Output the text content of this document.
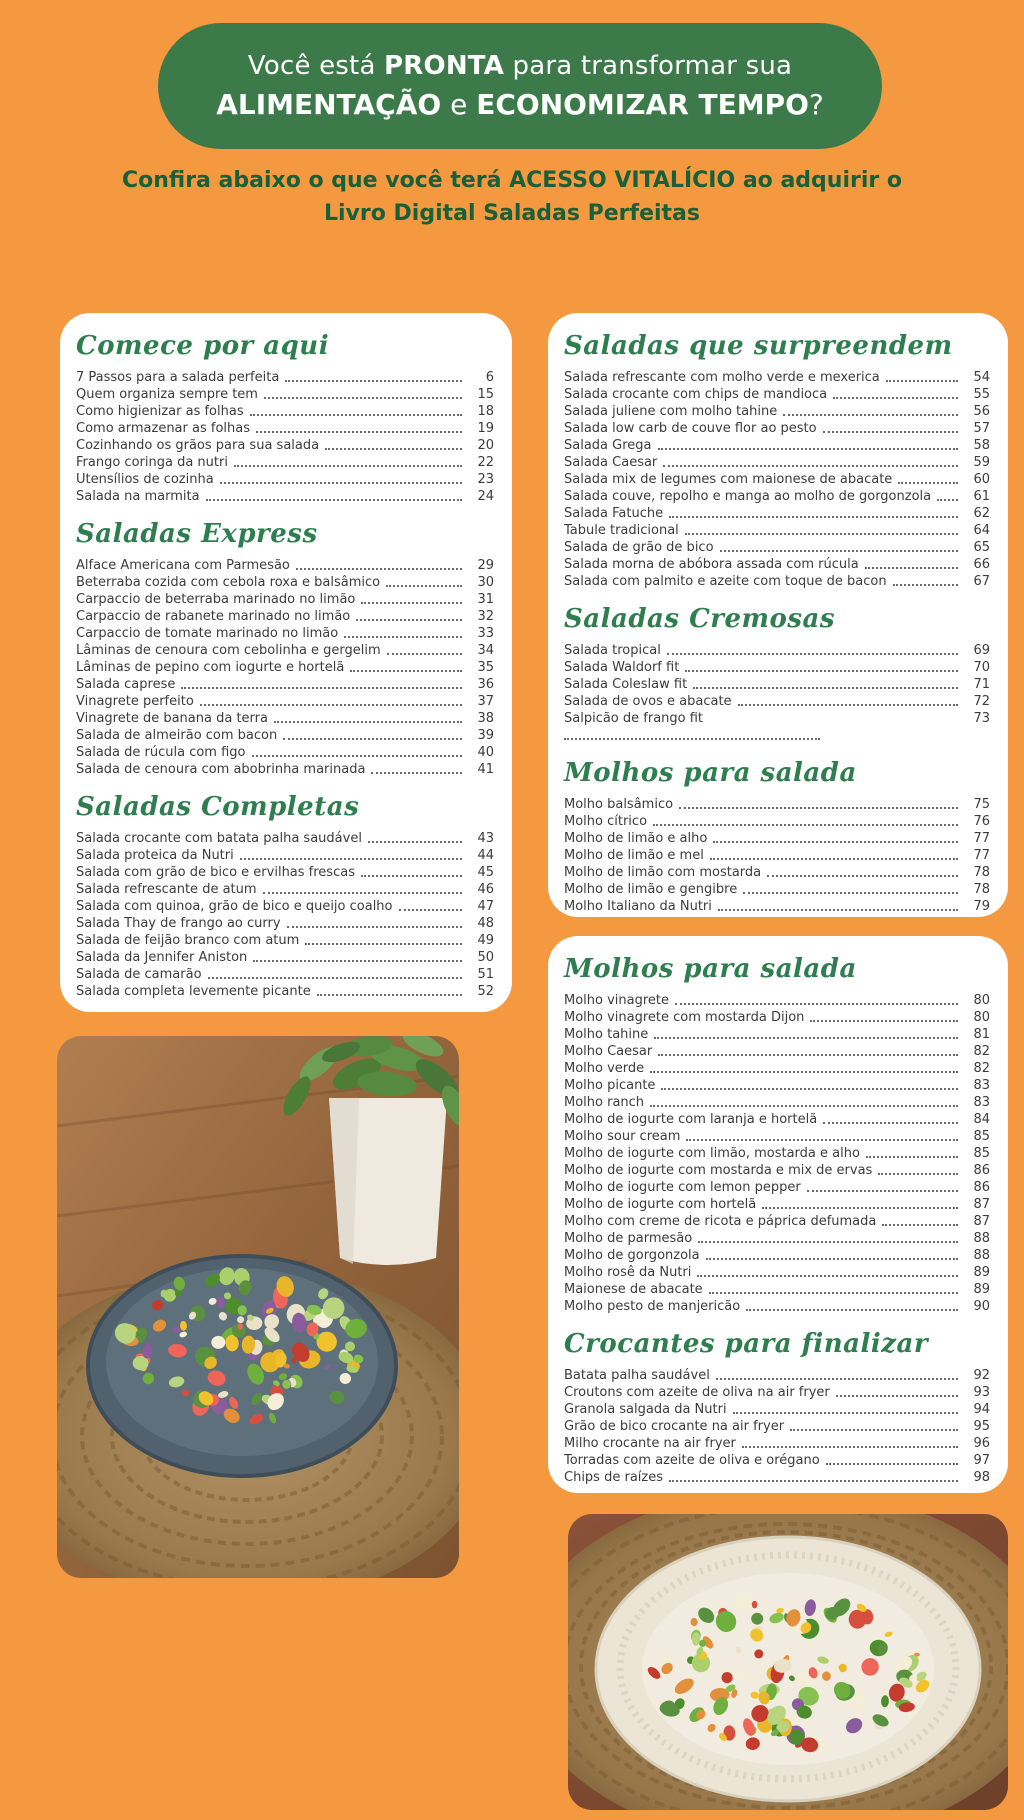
Você está PRONTA para transformar sua
ALIMENTAÇÃO e ECONOMIZAR TEMPO?
Confira abaixo o que você terá ACESSO VITALÍCIO ao adquirir o
Livro Digital Saladas Perfeitas
Comece por aqui
7 Passos para a salada perfeita	6
Quem organiza sempre tem	15
Como higienizar as folhas	18
Como armazenar as folhas	19
Cozinhando os grãos para sua salada	20
Frango coringa da nutri	22
Utensílios de cozinha	23
Salada na marmita	24
Saladas Express
Alface Americana com Parmesão	29
Beterraba cozida com cebola roxa e balsâmico	30
Carpaccio de beterraba marinado no limão	31
Carpaccio de rabanete marinado no limão	32
Carpaccio de tomate marinado no limão	33
Lâminas de cenoura com cebolinha e gergelim	34
Lâminas de pepino com iogurte e hortelã	35
Salada caprese	36
Vinagrete perfeito	37
Vinagrete de banana da terra	38
Salada de almeirão com bacon	39
Salada de rúcula com figo	40
Salada de cenoura com abobrinha marinada	41
Saladas Completas
Salada crocante com batata palha saudável	43
Salada proteica da Nutri	44
Salada com grão de bico e ervilhas frescas	45
Salada refrescante de atum	46
Salada com quinoa, grão de bico e queijo coalho	47
Salada Thay de frango ao curry	48
Salada de feijão branco com atum	49
Salada da Jennifer Aniston	50
Salada de camarão	51
Salada completa levemente picante	52
Saladas que surpreendem
Salada refrescante com molho verde e mexerica	54
Salada crocante com chips de mandioca	55
Salada juliene com molho tahine	56
Salada low carb de couve flor ao pesto	57
Salada Grega	58
Salada Caesar	59
Salada mix de legumes com maionese de abacate	60
Salada couve, repolho e manga ao molho de gorgonzola	61
Salada Fatuche	62
Tabule tradicional	64
Salada de grão de bico	65
Salada morna de abóbora assada com rúcula	66
Salada com palmito e azeite com toque de bacon	67
Saladas Cremosas
Salada tropical	69
Salada Waldorf fit	70
Salada Coleslaw fit	71
Salada de ovos e abacate	72
Salpicão de frango fit	73
Molhos para salada
Molho balsâmico	75
Molho cítrico	76
Molho de limão e alho	77
Molho de limão e mel	77
Molho de limão com mostarda	78
Molho de limão e gengibre	78
Molho Italiano da Nutri	79
Molhos para salada
Molho vinagrete	80
Molho vinagrete com mostarda Dijon	80
Molho tahine	81
Molho Caesar	82
Molho verde	82
Molho picante	83
Molho ranch	83
Molho de iogurte com laranja e hortelã	84
Molho sour cream	85
Molho de iogurte com limão, mostarda e alho	85
Molho de iogurte com mostarda e mix de ervas	86
Molho de iogurte com lemon pepper	86
Molho de iogurte com hortelã	87
Molho com creme de ricota e páprica defumada	87
Molho de parmesão	88
Molho de gorgonzola	88
Molho rosê da Nutri	89
Maionese de abacate	89
Molho pesto de manjericão	90
Crocantes para finalizar
Batata palha saudável	92
Croutons com azeite de oliva na air fryer	93
Granola salgada da Nutri	94
Grão de bico crocante na air fryer	95
Milho crocante na air fryer	96
Torradas com azeite de oliva e orégano	97
Chips de raízes	98
